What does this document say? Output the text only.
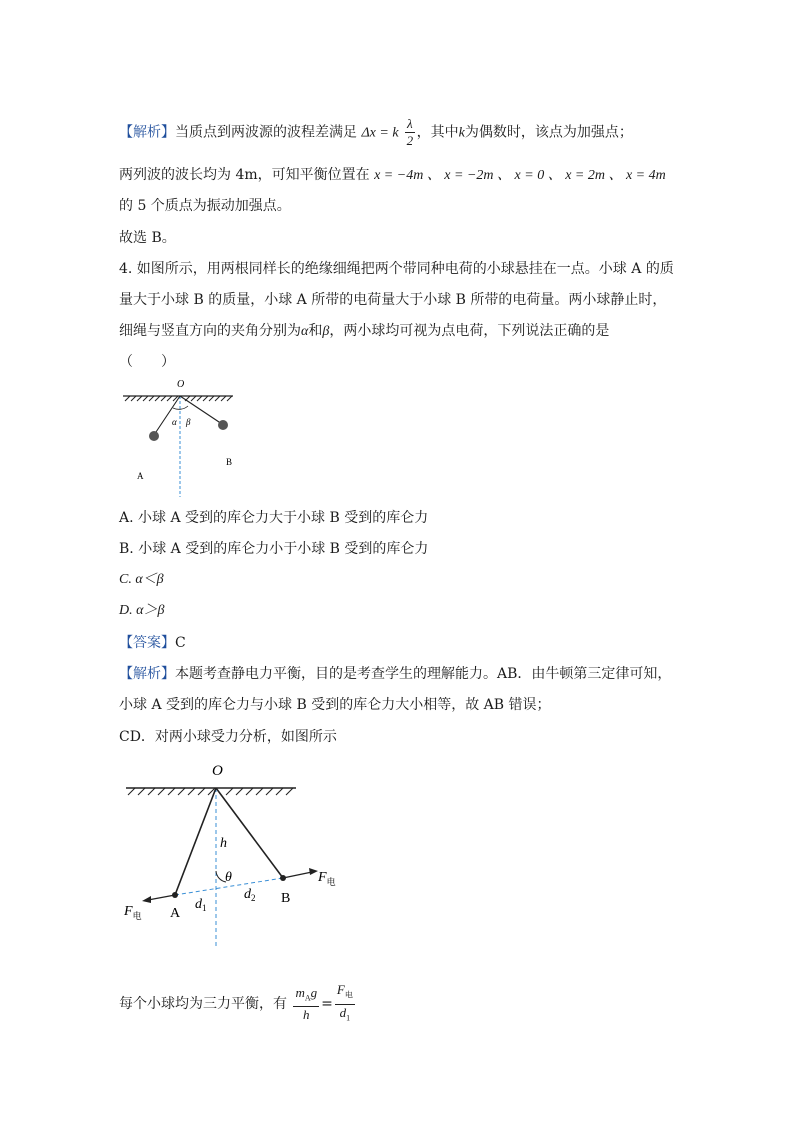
【解析】当质点到两波源的波程差满足 Δx = k $\frac{\lambda}{2}$ ，其中k为偶数时，该点为加强点；
两列波的波长均为 4m，可知平衡位置在 x = −4m 、 x = −2m 、 x = 0 、 x = 2m 、 x = 4m
的 5 个质点为振动加强点。
故选 B。
4. 如图所示，用两根同样长的绝缘细绳把两个带同种电荷的小球悬挂在一点。小球 A 的质
量大于小球 B 的质量，小球 A 所带的电荷量大于小球 B 所带的电荷量。两小球静止时，
细绳与竖直方向的夹角分别为α和β，两小球均可视为点电荷，下列说法正确的是
（　　）
O
α β
A
B
A. 小球 A 受到的库仑力大于小球 B 受到的库仑力
B. 小球 A 受到的库仑力小于小球 B 受到的库仑力
C. α＜β
D. α＞β
【答案】C
【解析】本题考查静电力平衡，目的是考查学生的理解能力。AB．由牛顿第三定律可知，
小球 A 受到的库仑力与小球 B 受到的库仑力大小相等，故 AB 错误；
CD．对两小球受力分析，如图所示
O
h
θ
$d_1$
$d_2$
$F_电$
$F_电$
A
B
每个小球均为三力平衡，有 $\frac{m_Ag}{h} = \frac{F_电}{d_1}$
